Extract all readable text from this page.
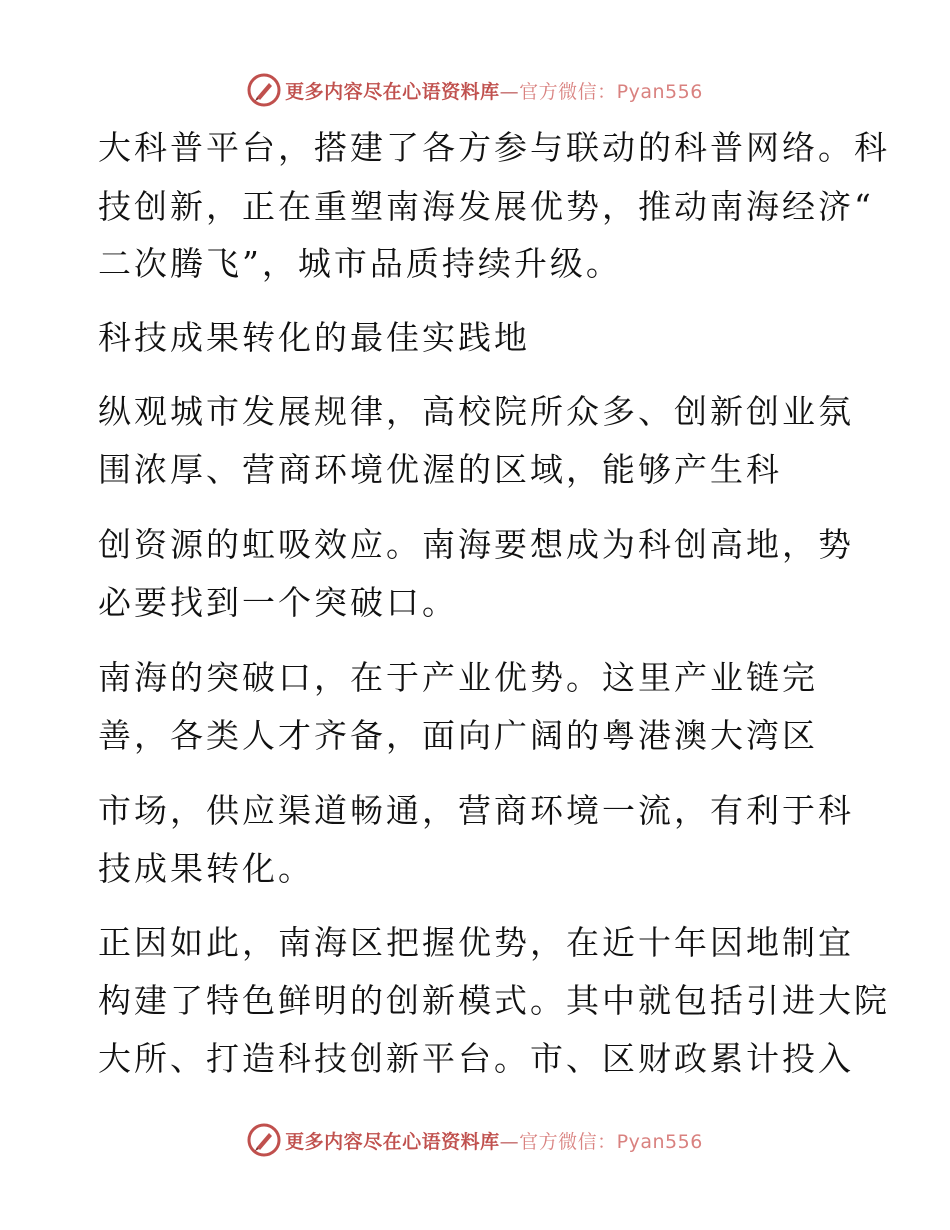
更多内容尽在心语资料库—官方微信：Pyan556
大科普平台，搭建了各方参与联动的科普网络。科
技创新，正在重塑南海发展优势，推动南海经济“
二次腾飞”，城市品质持续升级。
科技成果转化的最佳实践地
纵观城市发展规律，高校院所众多、创新创业氛
围浓厚、营商环境优渥的区域，能够产生科
创资源的虹吸效应。南海要想成为科创高地，势
必要找到一个突破口。
南海的突破口，在于产业优势。这里产业链完
善，各类人才齐备，面向广阔的粤港澳大湾区
市场，供应渠道畅通，营商环境一流，有利于科
技成果转化。
正因如此，南海区把握优势，在近十年因地制宜
构建了特色鲜明的创新模式。其中就包括引进大院
大所、打造科技创新平台。市、区财政累计投入
更多内容尽在心语资料库—官方微信：Pyan556
